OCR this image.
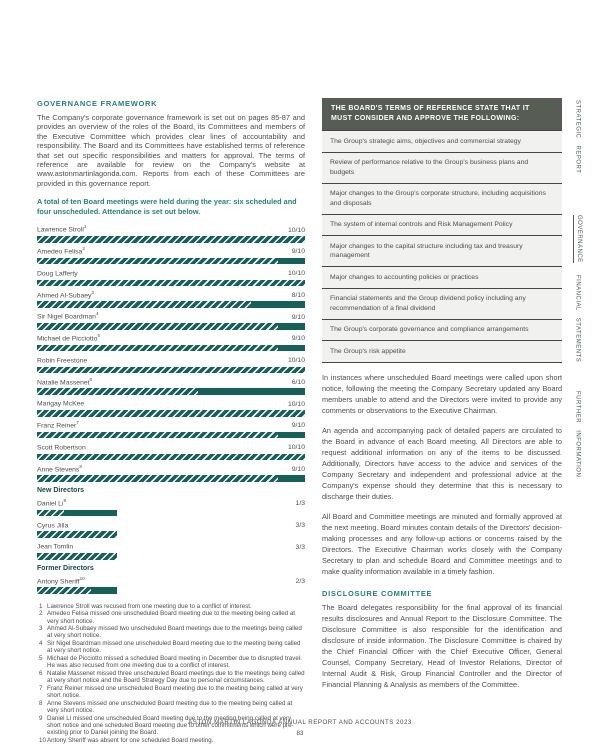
GOVERNANCE FRAMEWORK

The Company's corporate governance framework is set out on pages 85-87 and provides an overview of the roles of the Board, its Committees and members of the Executive Committee which provides clear lines of accountability and responsibility. The Board and its Committees have established terms of reference that set out specific responsibilities and matters for approval. The terms of reference are available for review on the Company's website at www.astonmartinlagonda.com. Reports from each of these Committees are provided in this governance report.

A total of ten Board meetings were held during the year: six scheduled and four unscheduled. Attendance is set out below.

Lawrence Stroll$^1$	10/10
Amedeo Felisa$^2$	9/10
Doug Lafferty	10/10
Ahmed Al-Subaey$^3$	8/10
Sir Nigel Boardman$^4$	9/10
Michael de Picciotto$^5$	9/10
Robin Freestone	10/10
Natalie Massenet$^6$	6/10
Marigay McKee	10/10
Franz Reiner$^7$	9/10
Scott Robertson	10/10
Anne Stevens$^8$	9/10
New Directors
Daniel Li$^9$	1/3
Cyrus Jilla	3/3
Jean Tomlin	3/3
Former Directors
Antony Sheriff$^{10}$	2/3
1 Lawrence Stroll was recused from one meeting due to a conflict of interest.
2 Amedeo Felisa missed one unscheduled Board meeting due to the meeting being called at very short notice.
3 Ahmed Al-Subaey missed two unscheduled Board meetings due to the meetings being called at very short notice.
4 Sir Nigel Boardman missed one unscheduled Board meeting due to the meeting being called at very short notice.
5 Michael de Picciotto missed a scheduled Board meeting in December due to disrupted travel. He was also recused from one meeting due to a conflict of interest.
6 Natalie Massenet missed three unscheduled Board meetings due to the meetings being called at very short notice and the Board Strategy Day due to personal circumstances.
7 Franz Reiner missed one unscheduled Board meeting due to the meeting being called at very short notice.
8 Anne Stevens missed one unscheduled Board meeting due to the meeting being called at very short notice.
9 Daniel Li missed one unscheduled Board meeting due to the meeting being called at very short notice and one scheduled Board meeting due to other commitments which were pre-existing prior to Daniel joining the Board.
10 Antony Sheriff was absent for one scheduled Board meeting.
THE BOARD'S TERMS OF REFERENCE STATE THAT IT MUST CONSIDER AND APPROVE THE FOLLOWING:
The Group's strategic aims, objectives and commercial strategy
Review of performance relative to the Group's business plans and budgets
Major changes to the Group's corporate structure, including acquisitions and disposals
The system of internal controls and Risk Management Policy
Major changes to the capital structure including tax and treasury management
Major changes to accounting policies or practices
Financial statements and the Group dividend policy including any recommendation of a final dividend
The Group's corporate governance and compliance arrangements
The Group's risk appetite

In instances where unscheduled Board meetings were called upon short notice, following the meeting the Company Secretary updated any Board members unable to attend and the Directors were invited to provide any comments or observations to the Executive Chairman.

An agenda and accompanying pack of detailed papers are circulated to the Board in advance of each Board meeting. All Directors are able to request additional information on any of the items to be discussed. Additionally, Directors have access to the advice and services of the Company Secretary and independent and professional advice at the Company's expense should they determine that this is necessary to discharge their duties.

All Board and Committee meetings are minuted and formally approved at the next meeting. Board minutes contain details of the Directors' decision-making processes and any follow-up actions or concerns raised by the Directors. The Executive Chairman works closely with the Company Secretary to plan and schedule Board and Committee meetings and to make quality information available in a timely fashion.

DISCLOSURE COMMITTEE

The Board delegates responsibility for the final approval of its financial results disclosures and Annual Report to the Disclosure Committee. The Disclosure Committee is also responsible for the identification and disclosure of inside information. The Disclosure Committee is chaired by the Chief Financial Officer with the Chief Executive Officer, General Counsel, Company Secretary, Head of Investor Relations, Director of Internal Audit & Risk, Group Financial Controller and the Director of Financial Planning & Analysis as members of the Committee.

STRATEGIC REPORT
GOVERNANCE
FINANCIAL STATEMENTS
FURTHER INFORMATION
ASTON MARTIN LAGONDA ANNUAL REPORT AND ACCOUNTS 2023
83
